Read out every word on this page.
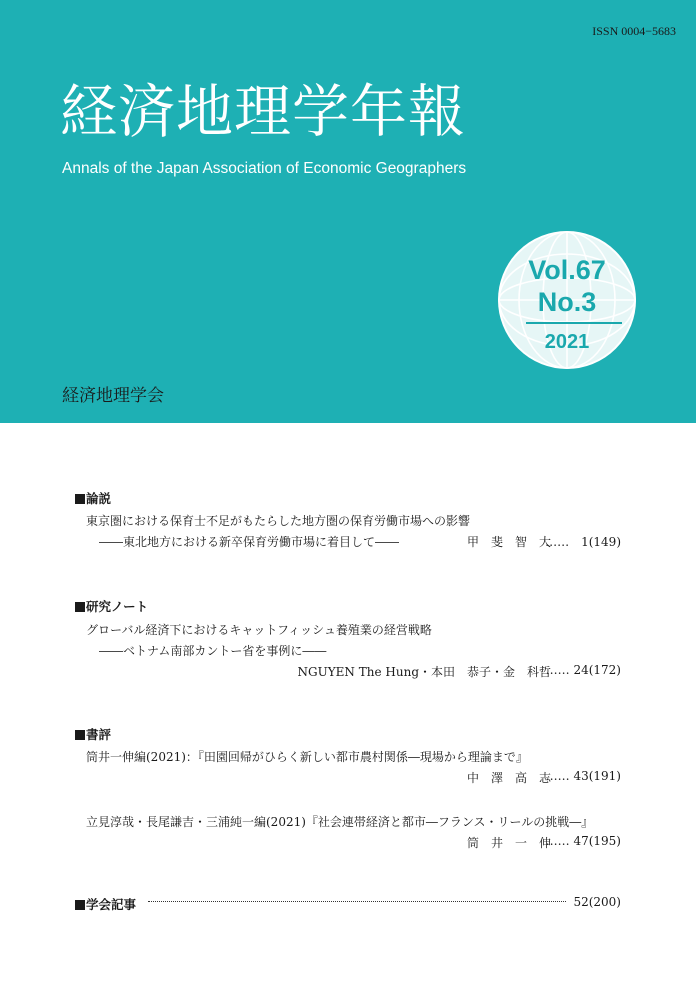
ISSN 0004−5683
経済地理学年報
Annals of the Japan Association of Economic Geographers
Vol.67
No.3
2021
経済地理学会
論説
東京圏における保育士不足がもたらした地方圏の保育労働市場への影響
――東北地方における新卒保育労働市場に着目して――	甲　斐　智　大
……　1(149)
研究ノート
グローバル経済下におけるキャットフィッシュ養殖業の経営戦略
――ベトナム南部カントー省を事例に――
NGUYEN The Hung・本田　恭子・金　科哲
…… 24(172)
書評
筒井一伸編(2021)：『田園回帰がひらく新しい都市農村関係―現場から理論まで』
中　澤　高　志
…… 43(191)
立見淳哉・長尾謙吉・三浦純一編(2021)『社会連帯経済と都市―フランス・リールの挑戦―』
筒　井　一　伸
…… 47(195)
学会記事	52(200)
